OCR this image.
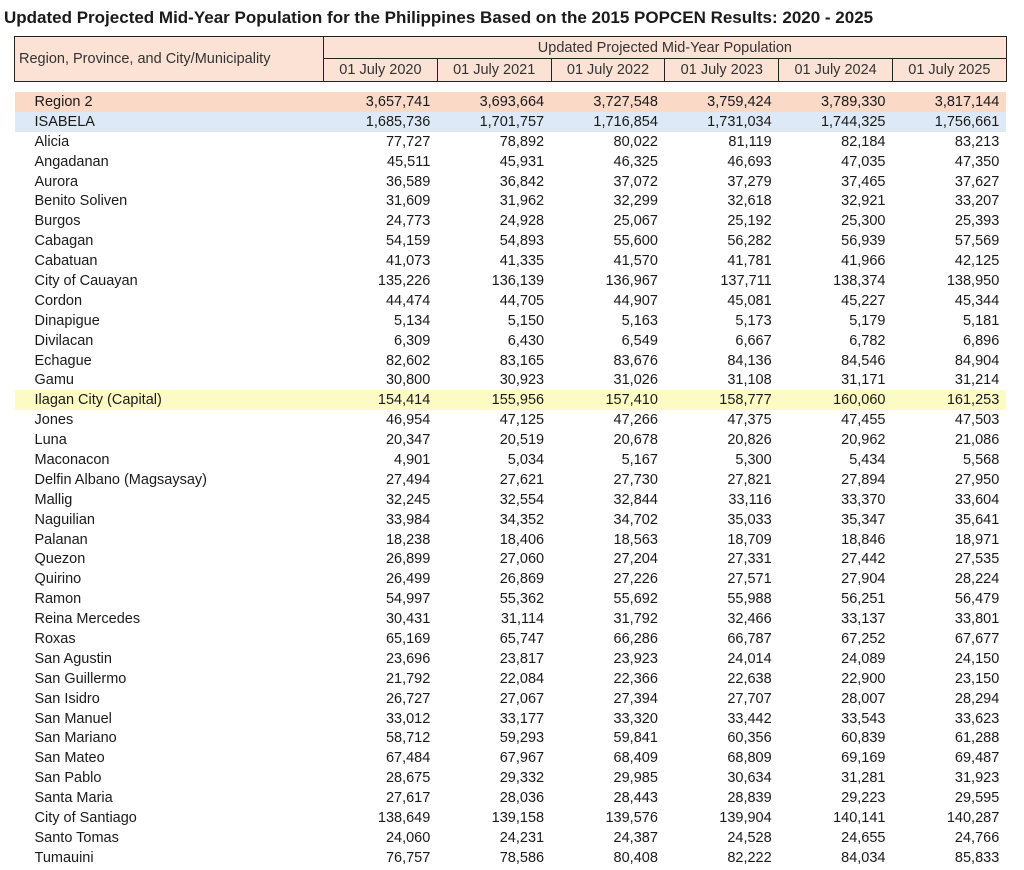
Updated Projected Mid-Year Population for the Philippines Based on the 2015 POPCEN Results: 2020 - 2025
Region, Province, and City/Municipality	Updated Projected Mid-Year Population					
	01 July 2020	01 July 2021	01 July 2022	01 July 2023	01 July 2024	01 July 2025

Region 2	3,657,741	3,693,664	3,727,548	3,759,424	3,789,330	3,817,144
ISABELA	1,685,736	1,701,757	1,716,854	1,731,034	1,744,325	1,756,661
Alicia	77,727	78,892	80,022	81,119	82,184	83,213
Angadanan	45,511	45,931	46,325	46,693	47,035	47,350
Aurora	36,589	36,842	37,072	37,279	37,465	37,627
Benito Soliven	31,609	31,962	32,299	32,618	32,921	33,207
Burgos	24,773	24,928	25,067	25,192	25,300	25,393
Cabagan	54,159	54,893	55,600	56,282	56,939	57,569
Cabatuan	41,073	41,335	41,570	41,781	41,966	42,125
City of Cauayan	135,226	136,139	136,967	137,711	138,374	138,950
Cordon	44,474	44,705	44,907	45,081	45,227	45,344
Dinapigue	5,134	5,150	5,163	5,173	5,179	5,181
Divilacan	6,309	6,430	6,549	6,667	6,782	6,896
Echague	82,602	83,165	83,676	84,136	84,546	84,904
Gamu	30,800	30,923	31,026	31,108	31,171	31,214
Ilagan City (Capital)	154,414	155,956	157,410	158,777	160,060	161,253
Jones	46,954	47,125	47,266	47,375	47,455	47,503
Luna	20,347	20,519	20,678	20,826	20,962	21,086
Maconacon	4,901	5,034	5,167	5,300	5,434	5,568
Delfin Albano (Magsaysay)	27,494	27,621	27,730	27,821	27,894	27,950
Mallig	32,245	32,554	32,844	33,116	33,370	33,604
Naguilian	33,984	34,352	34,702	35,033	35,347	35,641
Palanan	18,238	18,406	18,563	18,709	18,846	18,971
Quezon	26,899	27,060	27,204	27,331	27,442	27,535
Quirino	26,499	26,869	27,226	27,571	27,904	28,224
Ramon	54,997	55,362	55,692	55,988	56,251	56,479
Reina Mercedes	30,431	31,114	31,792	32,466	33,137	33,801
Roxas	65,169	65,747	66,286	66,787	67,252	67,677
San Agustin	23,696	23,817	23,923	24,014	24,089	24,150
San Guillermo	21,792	22,084	22,366	22,638	22,900	23,150
San Isidro	26,727	27,067	27,394	27,707	28,007	28,294
San Manuel	33,012	33,177	33,320	33,442	33,543	33,623
San Mariano	58,712	59,293	59,841	60,356	60,839	61,288
San Mateo	67,484	67,967	68,409	68,809	69,169	69,487
San Pablo	28,675	29,332	29,985	30,634	31,281	31,923
Santa Maria	27,617	28,036	28,443	28,839	29,223	29,595
City of Santiago	138,649	139,158	139,576	139,904	140,141	140,287
Santo Tomas	24,060	24,231	24,387	24,528	24,655	24,766
Tumauini	76,757	78,586	80,408	82,222	84,034	85,833
